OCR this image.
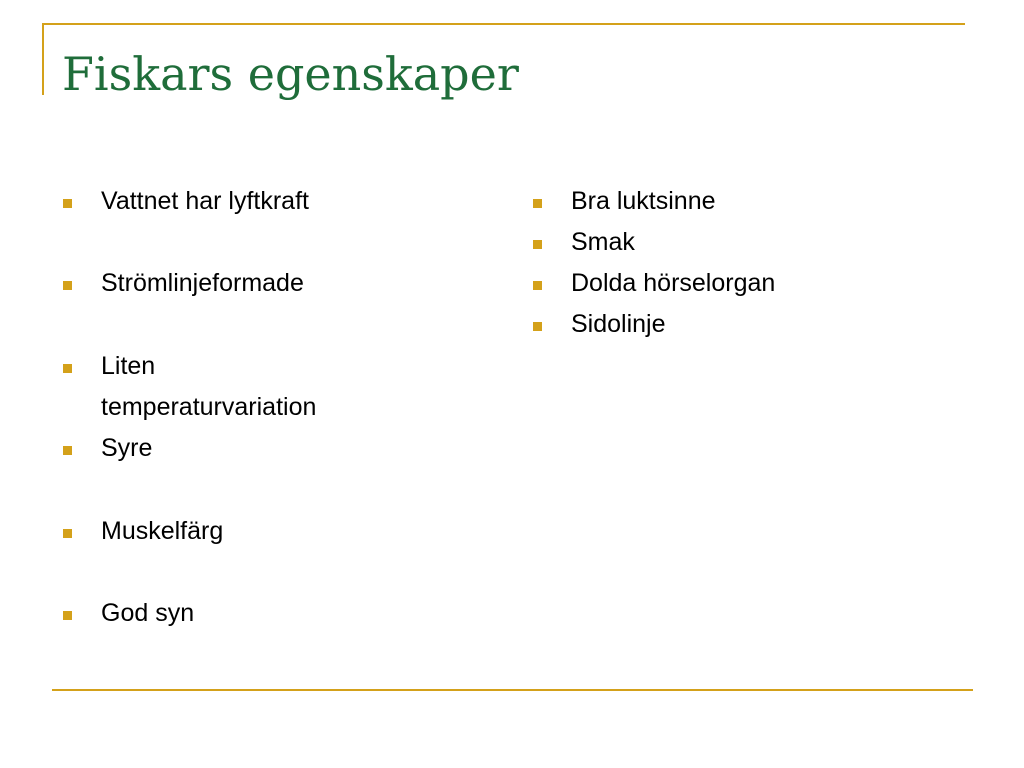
Fiskars egenskaper
Vattnet har lyftkraft
Strömlinjeformade
Liten
temperaturvariation
Syre
Muskelfärg
God syn
Bra luktsinne
Smak
Dolda hörselorgan
Sidolinje
